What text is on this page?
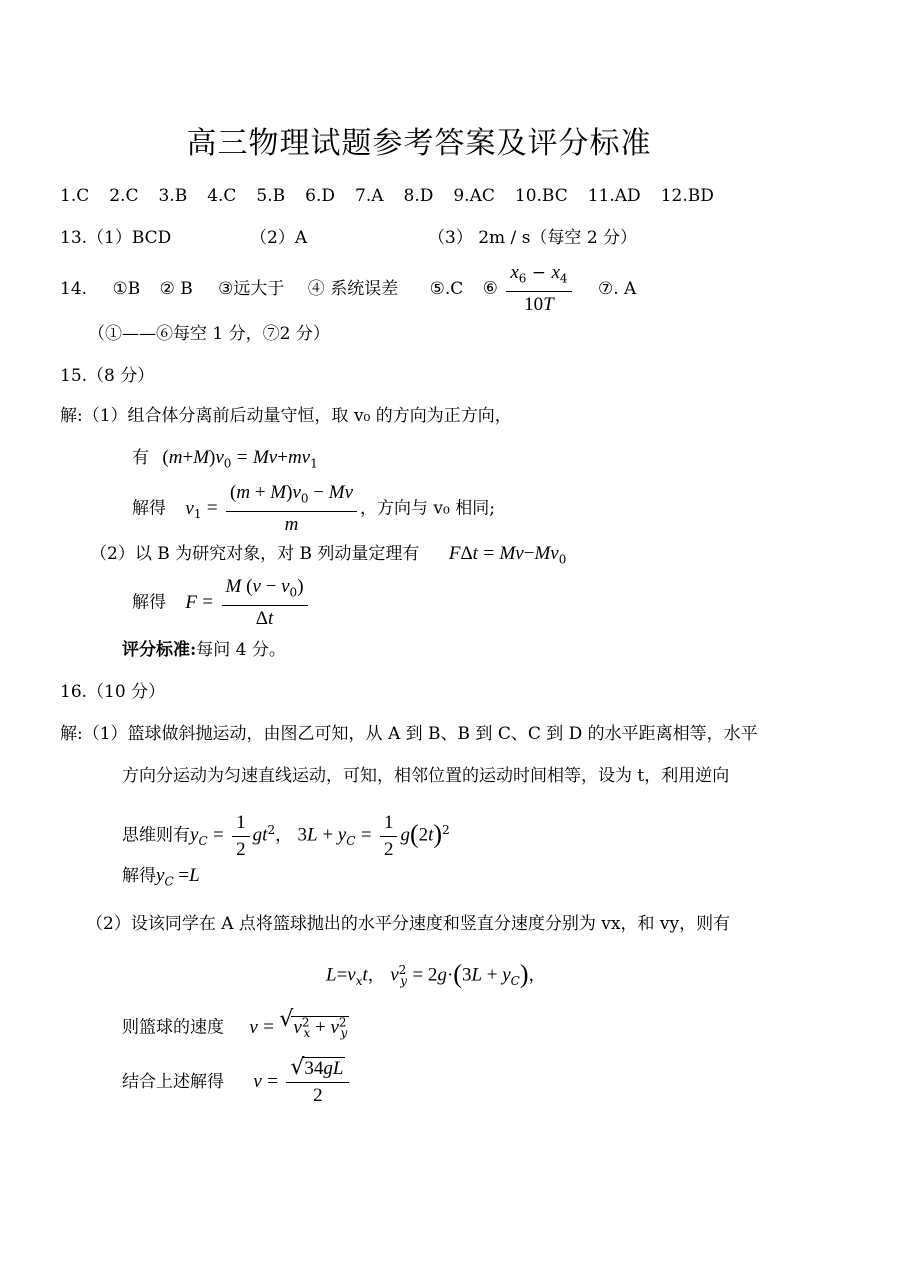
高三物理试题参考答案及评分标准
1.C 2.C 3.B 4.C 5.B 6.D 7.A 8.D 9.AC 10.BC 11.AD 12.BD
13.（1）BCD	（2）A	（3） 2m / s（每空 2 分）
14. ①B ② B ③远大于 ④ 系统误差 ⑤.C ⑥ $\frac{x_6 - x_4}{10T}$ ⑦. A
（①——⑥每空 1 分，⑦2 分）
15.（8 分）
解:（1）组合体分离前后动量守恒，取 v₀ 的方向为正方向，
有 $(m+M)v_0 = Mv+mv_1$
解得 $v_1 = \frac{(m + M)v_0 - Mv}{m}$ ，方向与 v₀ 相同;
（2）以 B 为研究对象，对 B 列动量定理有 $F\Delta t = Mv-Mv_0$
解得 $F = \frac{M (v - v_0)}{\Delta t}$
评分标准:每问 4 分。
16.（10 分）
解:（1）篮球做斜抛运动，由图乙可知，从 A 到 B、B 到 C、C 到 D 的水平距离相等，水平
方向分运动为匀速直线运动，可知，相邻位置的运动时间相等，设为 t，利用逆向
思维则有$y_C = \frac{1}{2} gt^2$， $3L + y_C = \frac{1}{2} g(2t)^2$
解得$y_C =L$
（2）设该同学在 A 点将篮球抛出的水平分速度和竖直分速度分别为 vx，和 vy，则有
$L=v_xt$， $v^2_y = 2g\cdot(3L + y_C)$，
则篮球的速度 v = √ $v^2_x + v^2_y$
结合上述解得 $v = \frac{√ 34gL}{2}$
